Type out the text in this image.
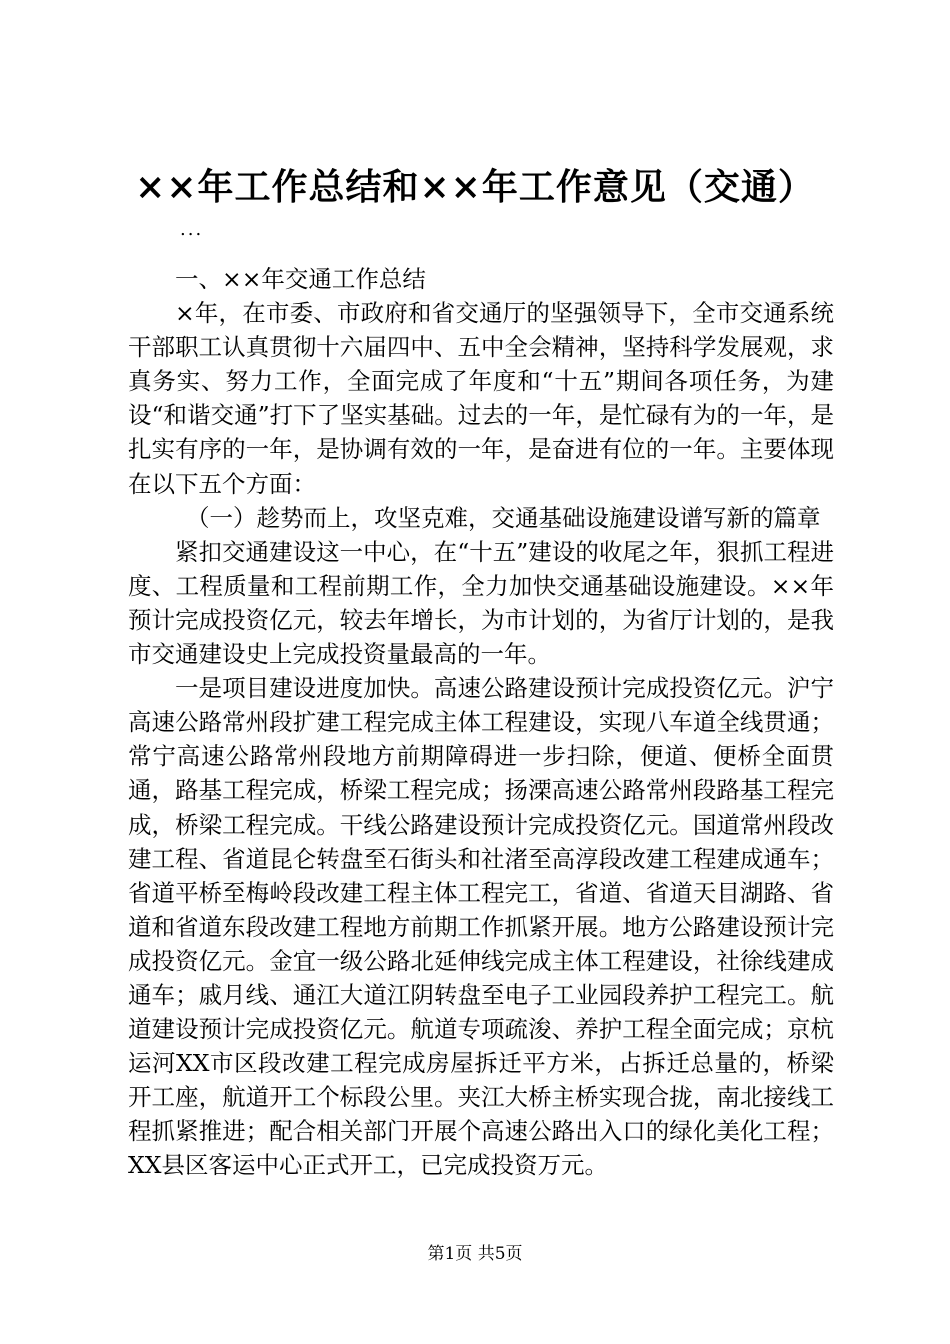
××年工作总结和××年工作意见（交通）
...

一、××年交通工作总结

×年，在市委、市政府和省交通厅的坚强领导下，全市交通系统干部职工认真贯彻十六届四中、五中全会精神，坚持科学发展观，求真务实、努力工作，全面完成了年度和“十五”期间各项任务，为建设“和谐交通”打下了坚实基础。过去的一年，是忙碌有为的一年，是扎实有序的一年，是协调有效的一年，是奋进有位的一年。主要体现在以下五个方面：

（一）趁势而上，攻坚克难，交通基础设施建设谱写新的篇章

紧扣交通建设这一中心，在“十五”建设的收尾之年，狠抓工程进度、工程质量和工程前期工作，全力加快交通基础设施建设。××年预计完成投资亿元，较去年增长，为市计划的，为省厅计划的，是我市交通建设史上完成投资量最高的一年。

一是项目建设进度加快。高速公路建设预计完成投资亿元。沪宁高速公路常州段扩建工程完成主体工程建设，实现八车道全线贯通；常宁高速公路常州段地方前期障碍进一步扫除，便道、便桥全面贯通，路基工程完成，桥梁工程完成；扬溧高速公路常州段路基工程完成，桥梁工程完成。干线公路建设预计完成投资亿元。国道常州段改建工程、省道昆仑转盘至石街头和社渚至高淳段改建工程建成通车；省道平桥至梅岭段改建工程主体工程完工，省道、省道天目湖路、省道和省道东段改建工程地方前期工作抓紧开展。地方公路建设预计完成投资亿元。金宜一级公路北延伸线完成主体工程建设，社徐线建成通车；戚月线、通江大道江阴转盘至电子工业园段养护工程完工。航道建设预计完成投资亿元。航道专项疏浚、养护工程全面完成；京杭运河XX市区段改建工程完成房屋拆迁平方米，占拆迁总量的，桥梁开工座，航道开工个标段公里。夹江大桥主桥实现合拢，南北接线工程抓紧推进；配合相关部门开展个高速公路出入口的绿化美化工程；XX县区客运中心正式开工，已完成投资万元。

第1页 共5页
